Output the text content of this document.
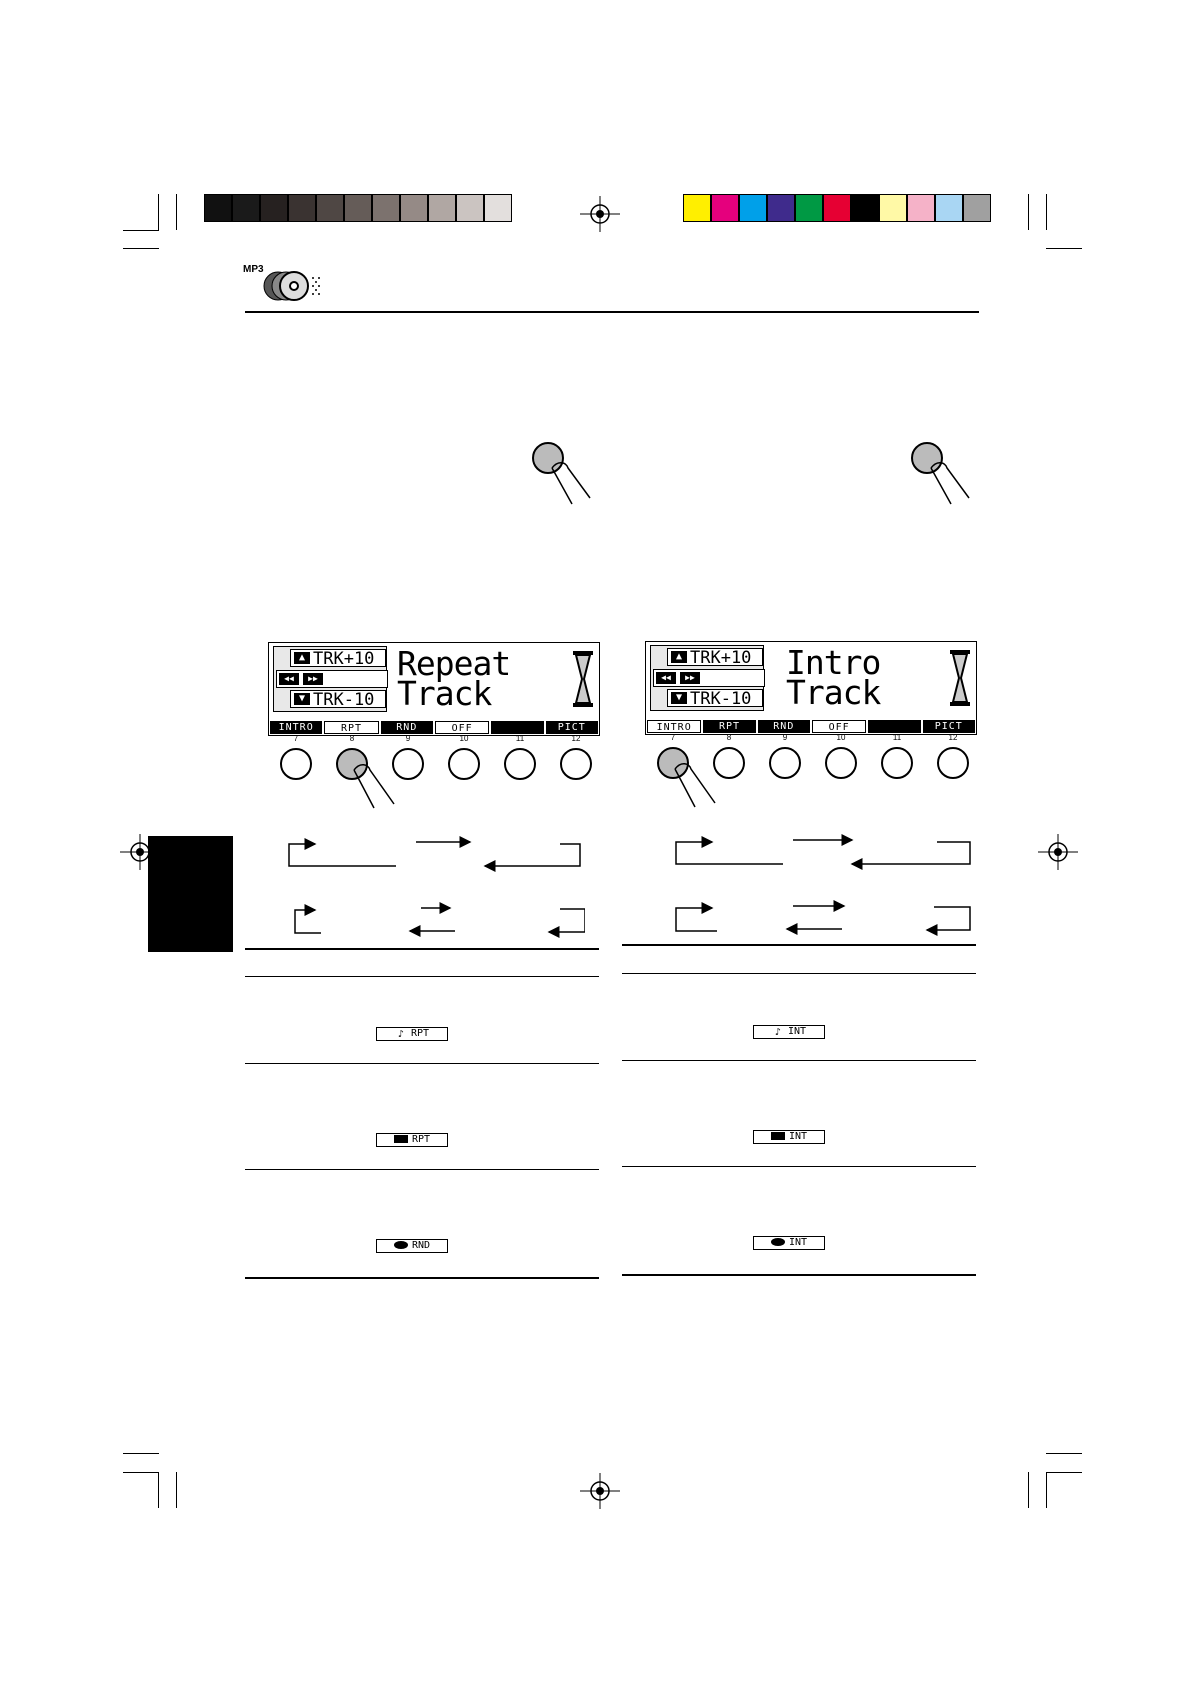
MP3
▲ TRK+10
◀◀	▶▶
▼ TRK-10
Repeat
Track
INTRO	RPT	RND	OFF	PICT
7	8	9	10	11	12
▲ TRK+10
◀◀	▶▶
▼ TRK-10
Intro
Track
INTRO	RPT	RND	OFF	PICT
7	8	9	10	11	12
♪ RPT
RPT
RND
♪ INT
INT
INT
